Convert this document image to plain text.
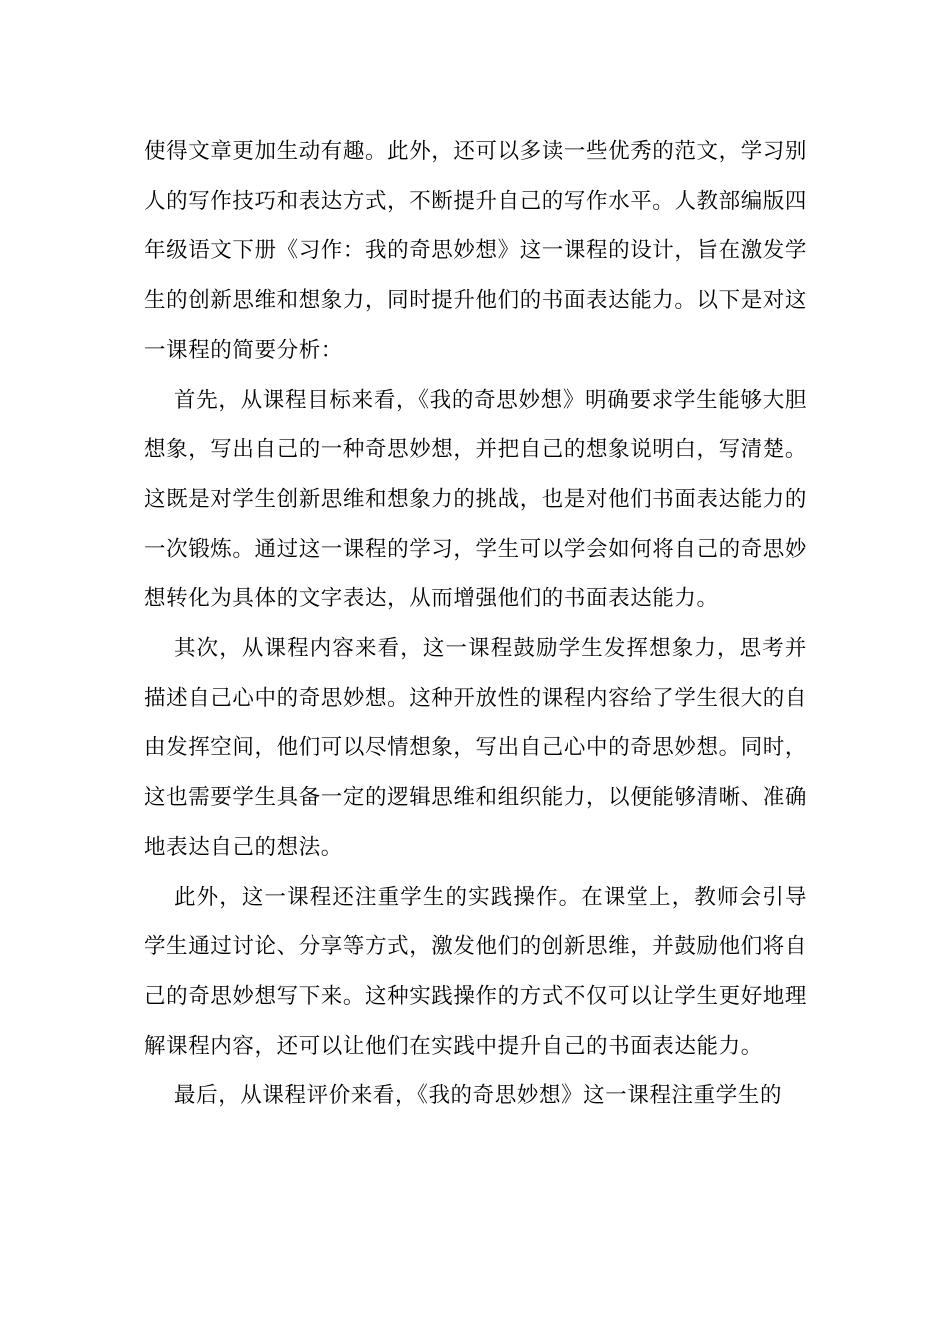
使得文章更加生动有趣。此外，还可以多读一些优秀的范文，学习别人的写作技巧和表达方式，不断提升自己的写作水平。人教部编版四年级语文下册《习作：我的奇思妙想》这一课程的设计，旨在激发学生的创新思维和想象力，同时提升他们的书面表达能力。以下是对这一课程的简要分析：

首先，从课程目标来看，《我的奇思妙想》明确要求学生能够大胆想象，写出自己的一种奇思妙想，并把自己的想象说明白，写清楚。这既是对学生创新思维和想象力的挑战，也是对他们书面表达能力的一次锻炼。通过这一课程的学习，学生可以学会如何将自己的奇思妙想转化为具体的文字表达，从而增强他们的书面表达能力。

其次，从课程内容来看，这一课程鼓励学生发挥想象力，思考并描述自己心中的奇思妙想。这种开放性的课程内容给了学生很大的自由发挥空间，他们可以尽情想象，写出自己心中的奇思妙想。同时，这也需要学生具备一定的逻辑思维和组织能力，以便能够清晰、准确地表达自己的想法。

此外，这一课程还注重学生的实践操作。在课堂上，教师会引导学生通过讨论、分享等方式，激发他们的创新思维，并鼓励他们将自己的奇思妙想写下来。这种实践操作的方式不仅可以让学生更好地理解课程内容，还可以让他们在实践中提升自己的书面表达能力。

最后，从课程评价来看，《我的奇思妙想》这一课程注重学生的
